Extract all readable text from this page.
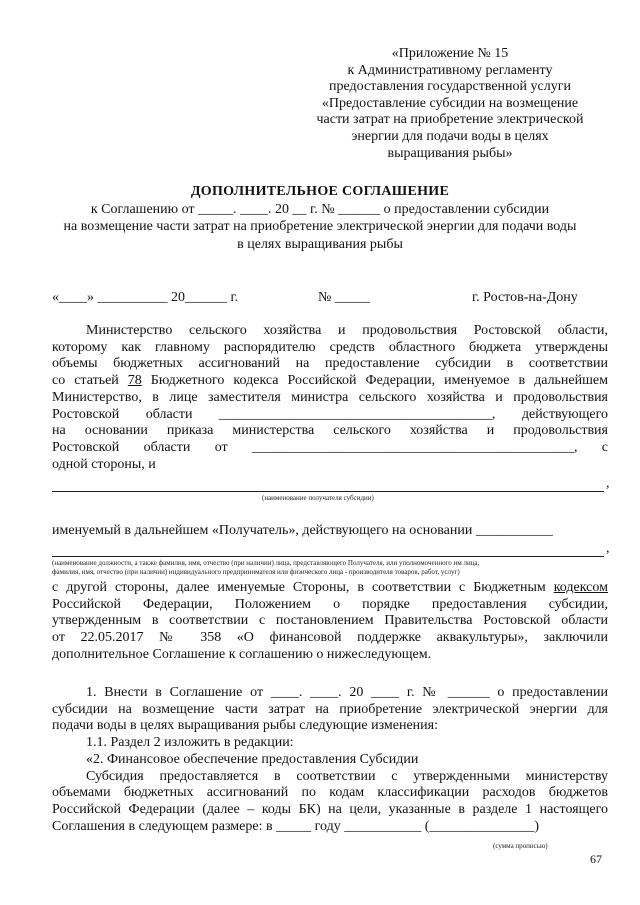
«Приложение № 15
к Административному регламенту
предоставления государственной услуги
«Предоставление субсидии на возмещение
части затрат на приобретение электрической
энергии для подачи воды в целях
выращивания рыбы»
ДОПОЛНИТЕЛЬНОЕ СОГЛАШЕНИЕ
к Соглашению от _____. ____. 20 __ г. № ______ о предоставлении субсидии
на возмещение части затрат на приобретение электрической энергии для подачи воды
в целях выращивания рыбы
«____» __________ 20______ г.	№ _____	г. Ростов-на-Дону
Министерство сельского хозяйства и продовольствия Ростовской области,
которому как главному распорядителю средств областного бюджета утверждены
объемы бюджетных ассигнований на предоставление субсидии в соответствии
со статьей 78 Бюджетного кодекса Российской Федерации, именуемое в дальнейшем
Министерство, в лице заместителя министра сельского хозяйства и продовольствия
Ростовской области _______________________________________, действующего
на основании приказа министерства сельского хозяйства и продовольствия
Ростовской области от ______________________________________________, с
одной стороны, и
,
(наименование получателя субсидии)
именуемый в дальнейшем «Получатель», действующего на основании ___________
,
(наименование должности, а также фамилия, имя, отчество (при наличии) лица, представляющего Получателя, или уполномоченного им лица,
фамилия, имя, отчество (при наличии) индивидуального предпринимателя или физического лица - производителя товаров, работ, услуг)
с другой стороны, далее именуемые Стороны, в соответствии с Бюджетным кодексом
Российской Федерации, Положением о порядке предоставления субсидии,
утвержденным в соответствии с постановлением Правительства Ростовской области
от 22.05.2017 № 358 «О финансовой поддержке аквакультуры», заключили
дополнительное Соглашение к соглашению о нижеследующем.
1. Внести в Соглашение от ____. ____. 20 ____ г. № ______ о предоставлении
субсидии на возмещение части затрат на приобретение электрической энергии для
подачи воды в целях выращивания рыбы следующие изменения:
1.1. Раздел 2 изложить в редакции:
«2. Финансовое обеспечение предоставления Субсидии
Субсидия предоставляется в соответствии с утвержденными министерству
объемами бюджетных ассигнований по кодам классификации расходов бюджетов
Российской Федерации (далее – коды БК) на цели, указанные в разделе 1 настоящего
Соглашения в следующем размере: в _____ году ___________ (_______________)
(сумма прописью)
67
